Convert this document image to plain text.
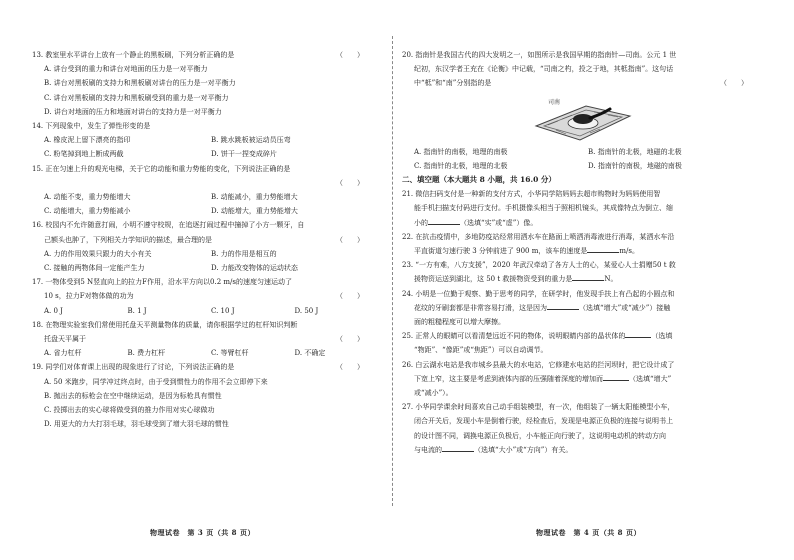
13. 教室里水平讲台上放有一个静止的黑板刷，下列分析正确的是	（　　）
A. 讲台受到的重力和讲台对地面的压力是一对平衡力
B. 讲台对黑板刷的支持力和黑板刷对讲台的压力是一对平衡力
C. 讲台对黑板刷的支持力和黑板刷受到的重力是一对平衡力
D. 讲台对地面的压力和地面对讲台的支持力是一对平衡力
14. 下列现象中，发生了弹性形变的是
A. 橡皮泥上留下漂亮的指印	B. 跳水跳板被运动员压弯
C. 粉笔掉到地上断成两截	D. 饼干一捏变成碎片
15. 正在匀速上升的观光电梯，关于它的动能和重力势能的变化，下列说法正确的是

（　　）
A. 动能不变，重力势能增大	B. 动能减小，重力势能增大
C. 动能增大，重力势能减小	D. 动能增大，重力势能增大
16. 校园内不允许随意打闹，小明不遵守校规，在追逐打闹过程中撞掉了小方一颗牙，自
己额头也肿了，下列相关力学知识的描述，最合理的是	（　　）
A. 力的作用效果只跟力的大小有关	B. 力的作用是相互的
C. 接触的两物体间一定能产生力	D. 力能改变物体的运动状态
17. 一物体受到5 N竖直向上的拉力F作用，沿水平方向以0.2 m/s的速度匀速运动了
10 s，拉力F对物体做的功为	（　　）
A. 0 J	B. 1 J	C. 10 J	D. 50 J
18. 在物理实验室我们常使用托盘天平测量物体的质量，请你根据学过的杠杆知识判断
托盘天平属于	（　　）
A. 省力杠杆	B. 费力杠杆	C. 等臂杠杆	D. 不确定
19. 同学们对体育课上出现的现象进行了讨论，下列说法正确的是	（　　）
A. 50 米跑步，同学冲过终点时，由于受到惯性力的作用不会立即停下来
B. 抛出去的标枪会在空中继续运动，是因为标枪具有惯性
C. 投掷出去的实心球将做受到的推力作用对实心球做功
D. 用更大的力大打羽毛球，羽毛球受到了增大羽毛球的惯性
物理试卷　第 3 页（共 8 页）
20. 指南针是我国古代的四大发明之一，如图所示是我国早期的指南针—司南。公元 1 世
纪初，东汉学者王充在《论衡》中记载，“司南之杓，投之于地，其柢指南”。这句话
中“柢”和“南”分别指的是	（　　）
司南
A. 指南针的南极，地理的南极	B. 指南针的北极，地磁的北极
C. 指南针的北极，地理的北极	D. 指南针的南极，地磁的南极
二、填空题（本大题共 8 小题，共 16.0 分）
21. 微信扫码支付是一种新的支付方式，小华同学陪妈妈去超市购物时为妈妈使用智
能手机扫描支付码进行支付。手机摄像头相当于照相机镜头，其成像特点为倒立、缩
小的	（选填“实”或“虚”）像。
22. 在抗击疫情中，多地防疫站经常用洒水车在路面上喷洒消毒液进行消毒，某洒水车沿
平直街道匀速行驶 3 分钟前进了 900 m，该车的速度是	m/s。
23. “一方有难，八方支援”，2020 年武汉牵动了各方人士的心，某爱心人士捐赠50 t 救
援物资运送到湖北，这 50 t 救援物资受到的重力是	N。
24. 小明是一位勤于观察、勤于思考的同学，在研学时，他发现手扶上有凸起的小圆点和
花纹的牙刷套都是非常容易打滑，这是因为	（选填“增大”或“减少”）接触
面的粗糙程度可以增大摩擦。
25. 正常人的眼睛可以看清楚远近不同的物体，说明眼睛内部的晶状体的	（选填
“物距”、“像距”或“焦距”）可以自动调节。
26. 白云湖水电站是我市城乡县最大的水电站，它修建水电站的拦河坝时，把它设计成了
下宽上窄，这主要是考虑到液体内部的压强随着深度的增加而	（选填“增大”
或“减小”）。
27. 小华同学课余时间喜欢自己动手组装模型，有一次，他组装了一辆太阳能模型小车，
闭合开关后，发现小车是倒着行驶，经检查后，发现是电源正负极的连接与说明书上
的设计图不同，调换电源正负极后，小车能正向行驶了，这说明电动机的转动方向
与电流的	（选填“大小”或“方向”）有关。
物理试卷　第 4 页（共 8 页）
